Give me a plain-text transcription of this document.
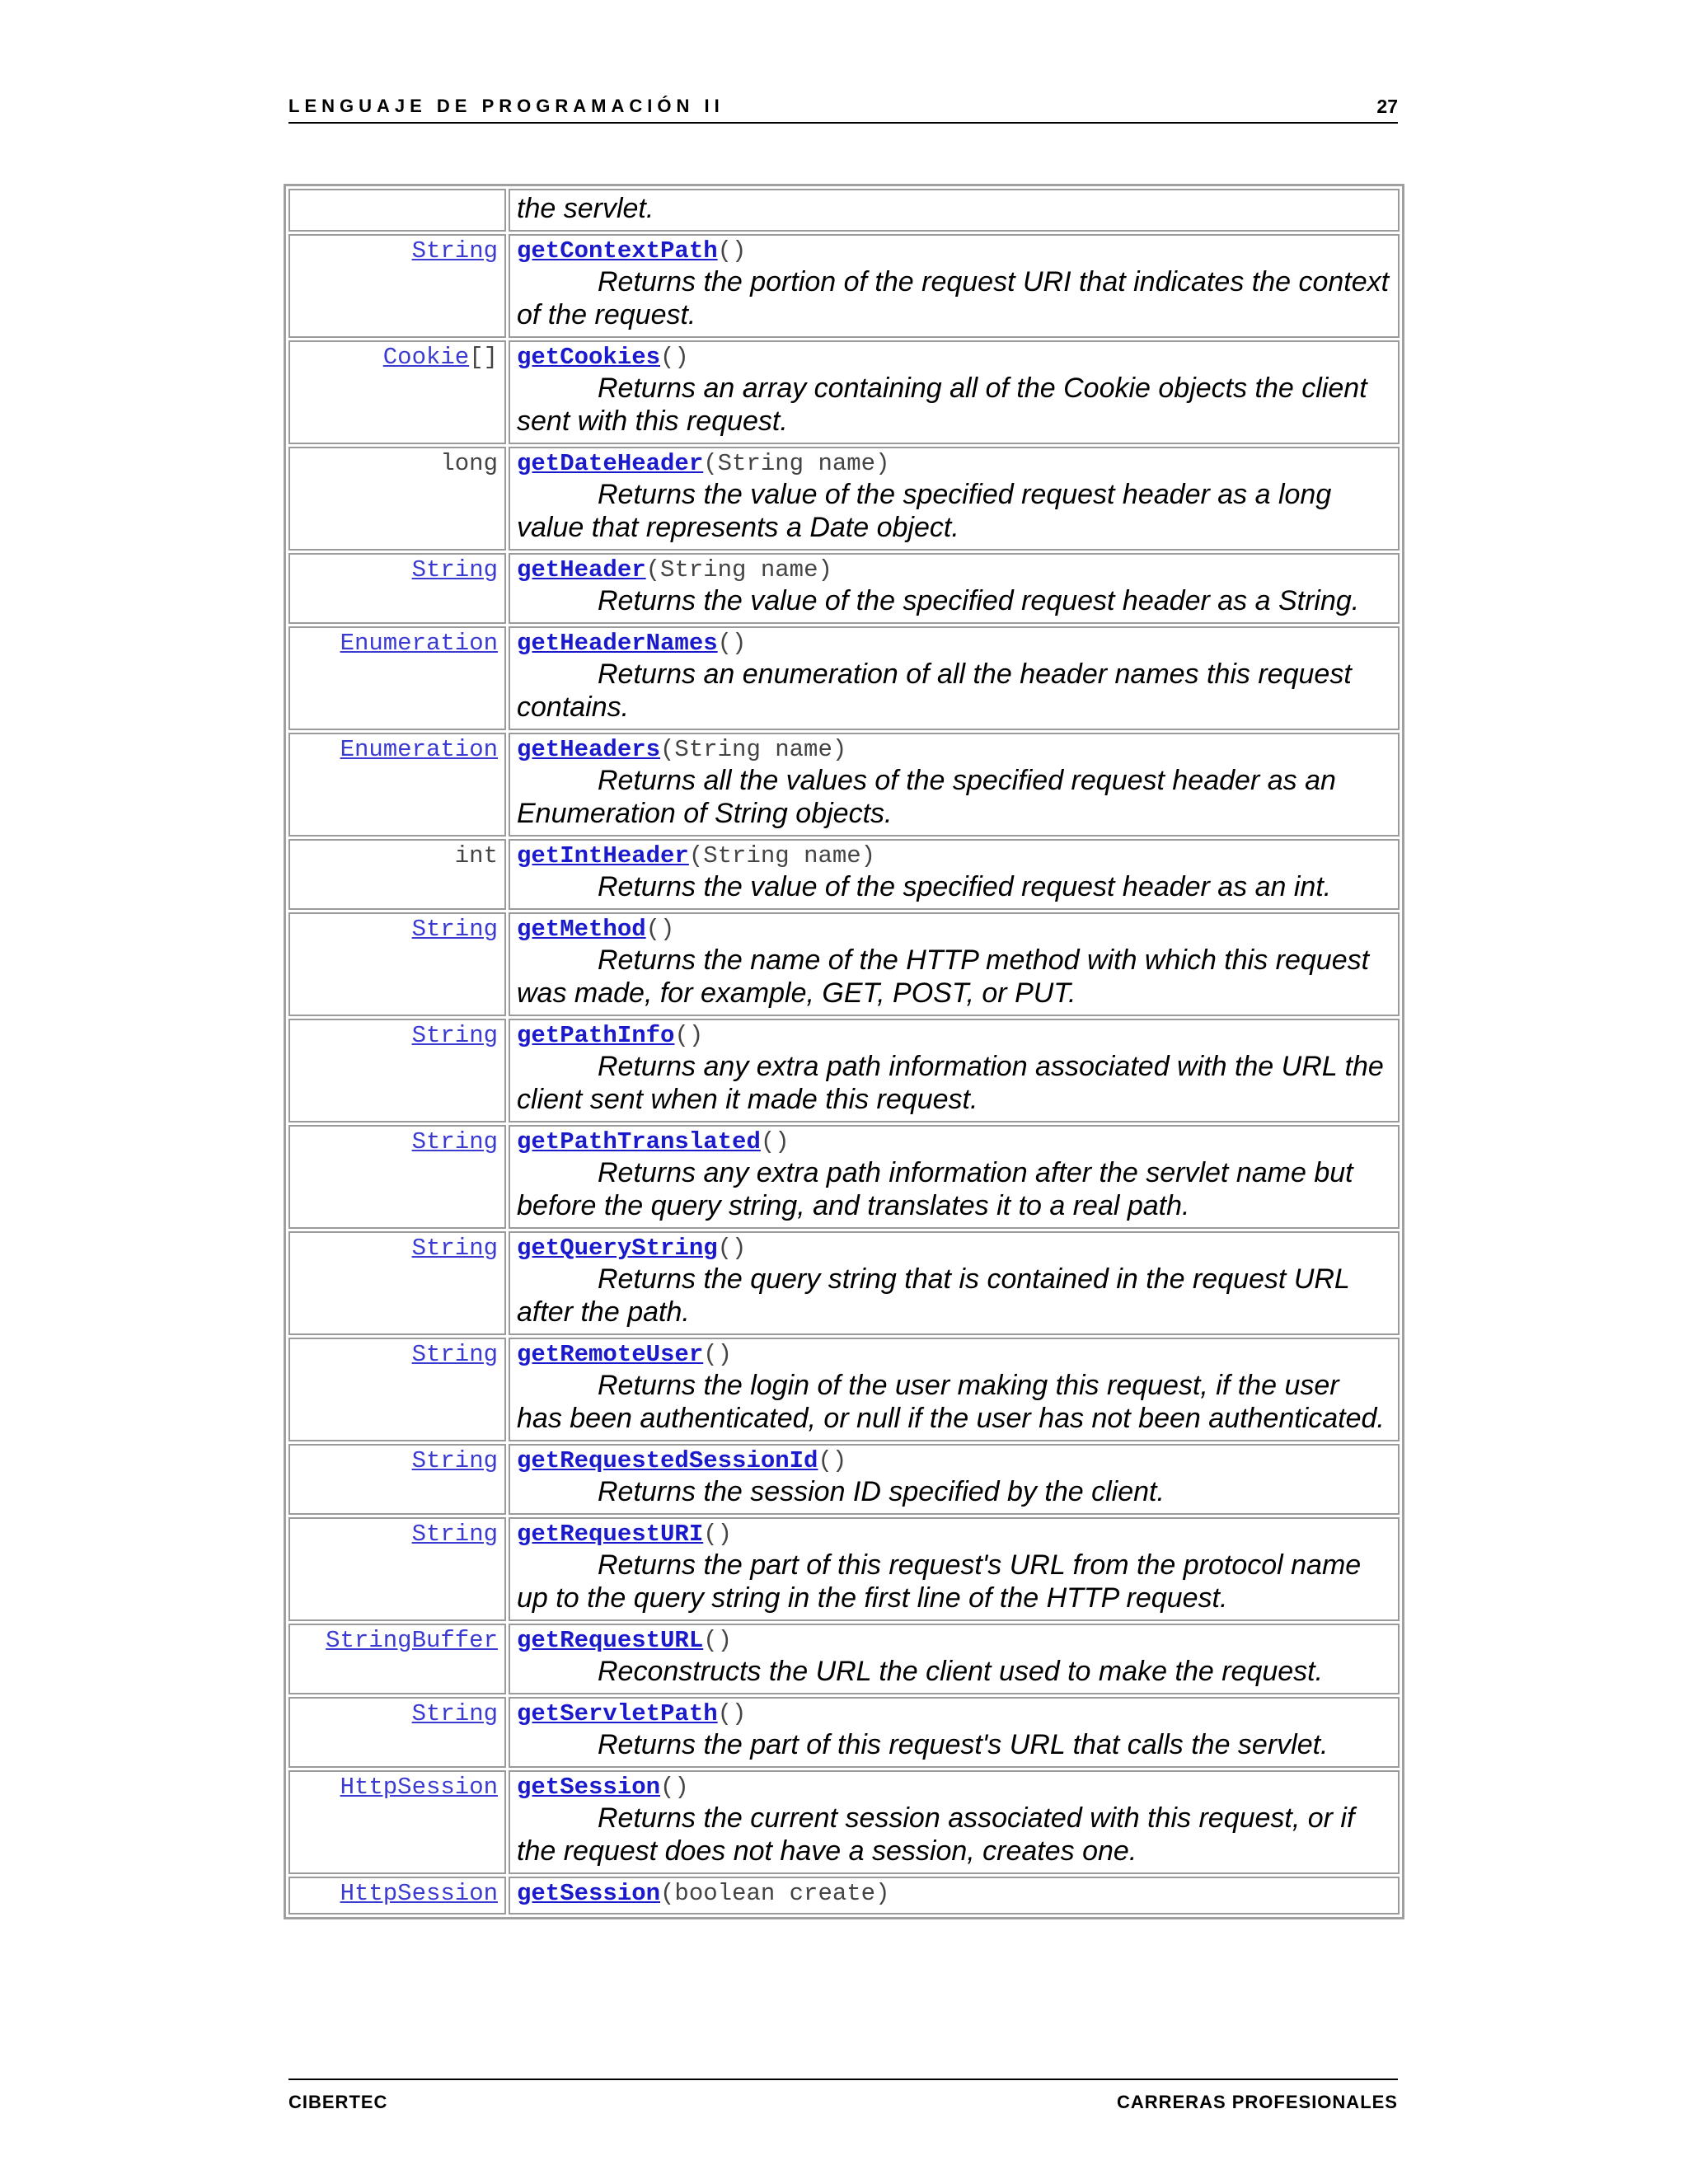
LENGUAJE DE PROGRAMACIÓN II	27
	the servlet.
String	getContextPath()
Returns the portion of the request URI that indicates the context of the request.

Cookie[]	getCookies()
Returns an array containing all of the Cookie objects the client sent with this request.

long	getDateHeader(String name)
Returns the value of the specified request header as a long value that represents a Date object.

String	getHeader(String name)
Returns the value of the specified request header as a String.

Enumeration	getHeaderNames()
Returns an enumeration of all the header names this request contains.

Enumeration	getHeaders(String name)
Returns all the values of the specified request header as an Enumeration of String objects.

int	getIntHeader(String name)
Returns the value of the specified request header as an int.

String	getMethod()
Returns the name of the HTTP method with which this request was made, for example, GET, POST, or PUT.

String	getPathInfo()
Returns any extra path information associated with the URL the client sent when it made this request.

String	getPathTranslated()
Returns any extra path information after the servlet name but before the query string, and translates it to a real path.

String	getQueryString()
Returns the query string that is contained in the request URL after the path.

String	getRemoteUser()
Returns the login of the user making this request, if the user has been authenticated, or null if the user has not been authenticated.

String	getRequestedSessionId()
Returns the session ID specified by the client.

String	getRequestURI()
Returns the part of this request's URL from the protocol name up to the query string in the first line of the HTTP request.

StringBuffer	getRequestURL()
Reconstructs the URL the client used to make the request.

String	getServletPath()
Returns the part of this request's URL that calls the servlet.

HttpSession	getSession()
Returns the current session associated with this request, or if the request does not have a session, creates one.

HttpSession	getSession(boolean create)
CIBERTEC	CARRERAS PROFESIONALES
